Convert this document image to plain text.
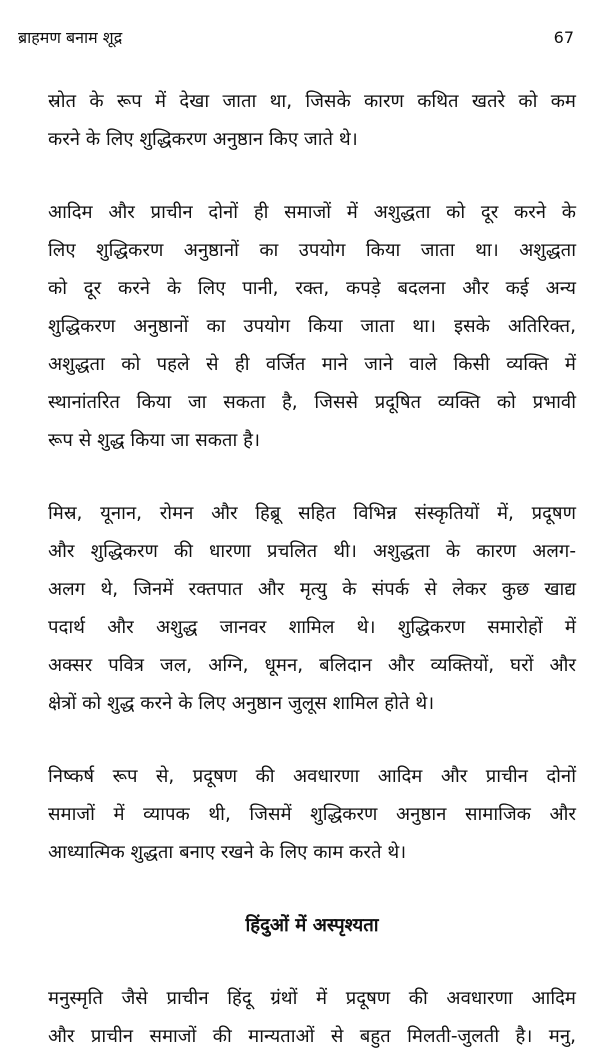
ब्राहमण बनाम शूद्र	67
स्रोत के रूप में देखा जाता था, जिसके कारण कथित खतरे को कम
करने के लिए शुद्धिकरण अनुष्ठान किए जाते थे।
आदिम और प्राचीन दोनों ही समाजों में अशुद्धता को दूर करने के
लिए शुद्धिकरण अनुष्ठानों का उपयोग किया जाता था। अशुद्धता
को दूर करने के लिए पानी, रक्त, कपड़े बदलना और कई अन्य
शुद्धिकरण अनुष्ठानों का उपयोग किया जाता था। इसके अतिरिक्त,
अशुद्धता को पहले से ही वर्जित माने जाने वाले किसी व्यक्ति में
स्थानांतरित किया जा सकता है, जिससे प्रदूषित व्यक्ति को प्रभावी
रूप से शुद्ध किया जा सकता है।
मिस्र, यूनान, रोमन और हिब्रू सहित विभिन्न संस्कृतियों में, प्रदूषण
और शुद्धिकरण की धारणा प्रचलित थी। अशुद्धता के कारण अलग-
अलग थे, जिनमें रक्तपात और मृत्यु के संपर्क से लेकर कुछ खाद्य
पदार्थ और अशुद्ध जानवर शामिल थे। शुद्धिकरण समारोहों में
अक्सर पवित्र जल, अग्नि, धूमन, बलिदान और व्यक्तियों, घरों और
क्षेत्रों को शुद्ध करने के लिए अनुष्ठान जुलूस शामिल होते थे।
निष्कर्ष रूप से, प्रदूषण की अवधारणा आदिम और प्राचीन दोनों
समाजों में व्यापक थी, जिसमें शुद्धिकरण अनुष्ठान सामाजिक और
आध्यात्मिक शुद्धता बनाए रखने के लिए काम करते थे।
हिंदुओं में अस्पृश्यता
मनुस्मृति जैसे प्राचीन हिंदू ग्रंथों में प्रदूषण की अवधारणा आदिम
और प्राचीन समाजों की मान्यताओं से बहुत मिलती-जुलती है। मनु,
